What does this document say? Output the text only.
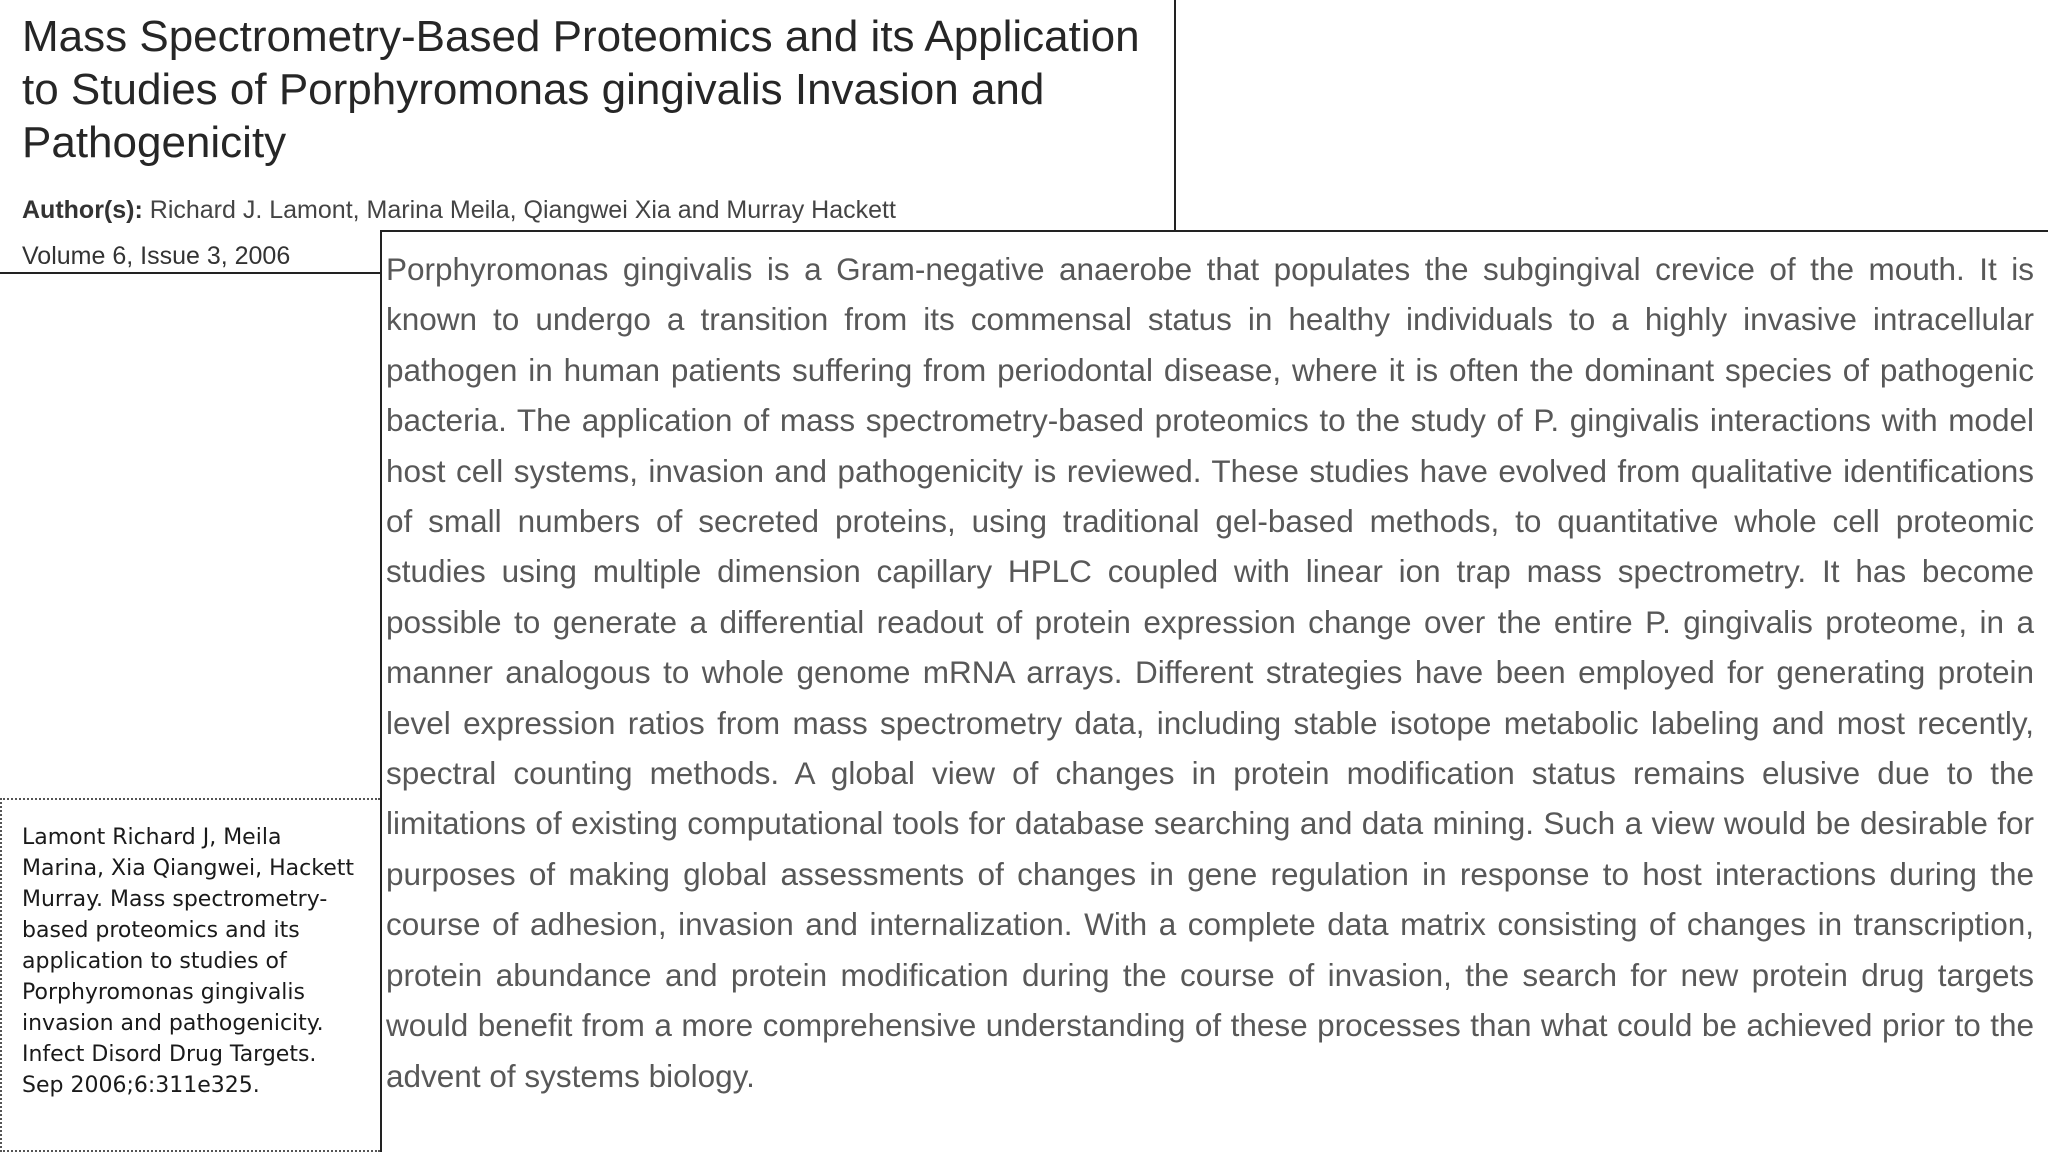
Mass Spectrometry-Based Proteomics and its Application to Studies of Porphyromonas gingivalis Invasion and Pathogenicity
Author(s): Richard J. Lamont, Marina Meila, Qiangwei Xia and Murray Hackett
Volume 6, Issue 3, 2006	Porphyromonas gingivalis is a Gram-negative anaerobe that populates the subgingival crevice of the mouth. It is known to undergo a transition from its commensal status in healthy individuals to a highly invasive intracellular pathogen in human patients suffering from periodontal disease, where it is often the dominant species of pathogenic bacteria. The application of mass spectrometry-based proteomics to the study of P. gingivalis interactions with model host cell systems, invasion and pathogenicity is reviewed. These studies have evolved from qualitative identifications of small numbers of secreted proteins, using traditional gel-based methods, to quantitative whole cell proteomic studies using multiple dimension capillary HPLC coupled with linear ion trap mass spectrometry. It has become possible to generate a differential readout of protein expression change over the entire P. gingivalis proteome, in a manner analogous to whole genome mRNA arrays. Different strategies have been employed for generating protein level expression ratios from mass spectrometry data, including stable isotope metabolic labeling and most recently, spectral counting methods. A global view of changes in protein modification status remains elusive due to the limitations of existing computational tools for database searching and data mining. Such a view would be desirable for purposes of making global assessments of changes in gene regulation in response to host interactions during the course of adhesion, invasion and internalization. With a complete data matrix consisting of changes in transcription, protein abundance and protein modification during the course of invasion, the search for new protein drug targets would benefit from a more comprehensive understanding of these processes than what could be achieved prior to the advent of systems biology.

Lamont Richard J, Meila Marina, Xia Qiangwei, Hackett Murray. Mass spectrometry-based proteomics and its application to studies of Porphyromonas gingivalis invasion and pathogenicity. Infect Disord Drug Targets. Sep 2006;6:311e325.
